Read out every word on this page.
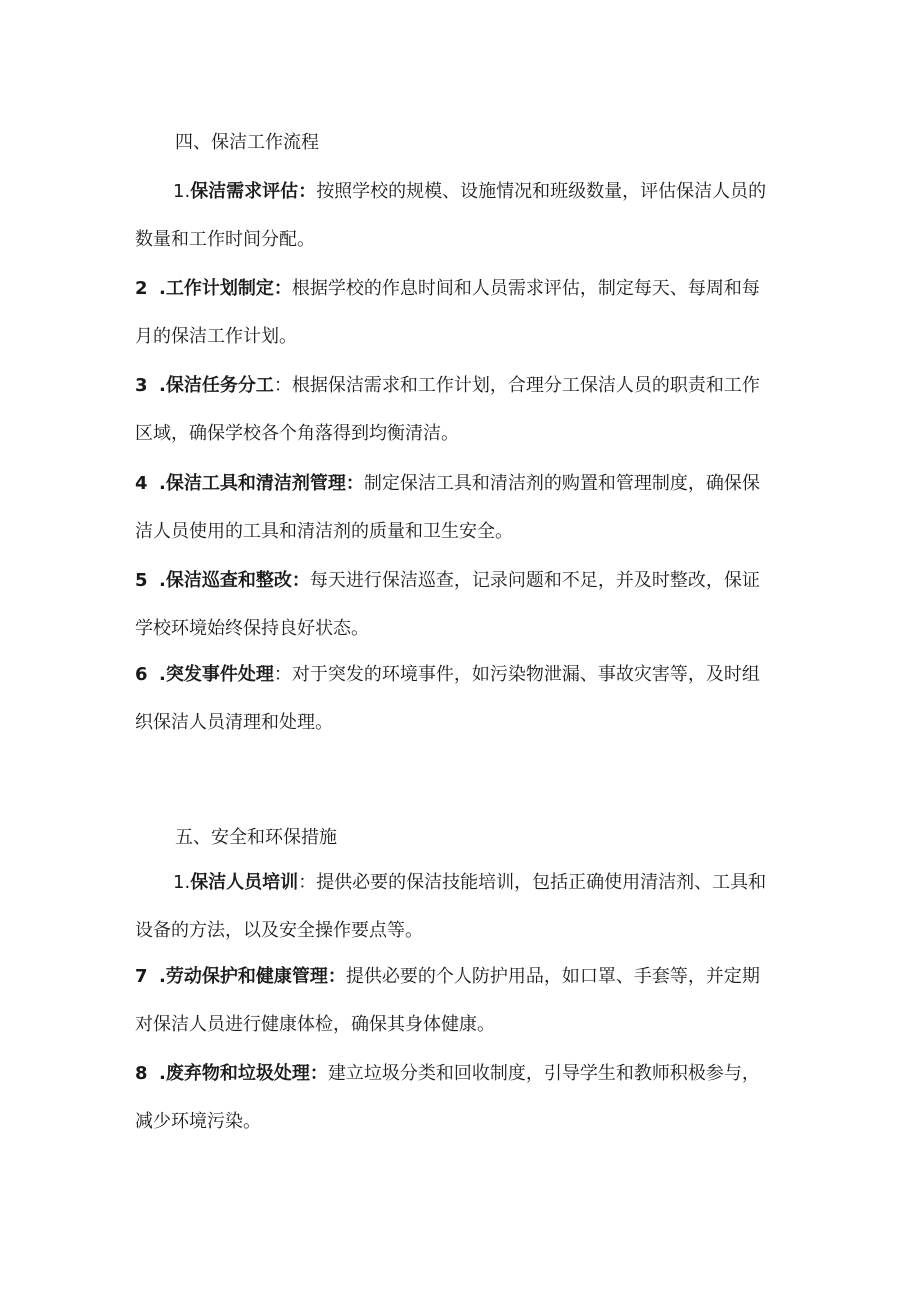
四、保洁工作流程
1.保洁需求评估：按照学校的规模、设施情况和班级数量，评估保洁人员的
数量和工作时间分配。
2 .工作计划制定：根据学校的作息时间和人员需求评估，制定每天、每周和每
月的保洁工作计划。
3 .保洁任务分工：根据保洁需求和工作计划，合理分工保洁人员的职责和工作
区域，确保学校各个角落得到均衡清洁。
4 .保洁工具和清洁剂管理：制定保洁工具和清洁剂的购置和管理制度，确保保
洁人员使用的工具和清洁剂的质量和卫生安全。
5 .保洁巡查和整改：每天进行保洁巡查，记录问题和不足，并及时整改，保证
学校环境始终保持良好状态。
6 .突发事件处理：对于突发的环境事件，如污染物泄漏、事故灾害等，及时组
织保洁人员清理和处理。
五、安全和环保措施
1.保洁人员培训：提供必要的保洁技能培训，包括正确使用清洁剂、工具和
设备的方法，以及安全操作要点等。
7 .劳动保护和健康管理：提供必要的个人防护用品，如口罩、手套等，并定期
对保洁人员进行健康体检，确保其身体健康。
8 .废弃物和垃圾处理：建立垃圾分类和回收制度，引导学生和教师积极参与，
减少环境污染。
